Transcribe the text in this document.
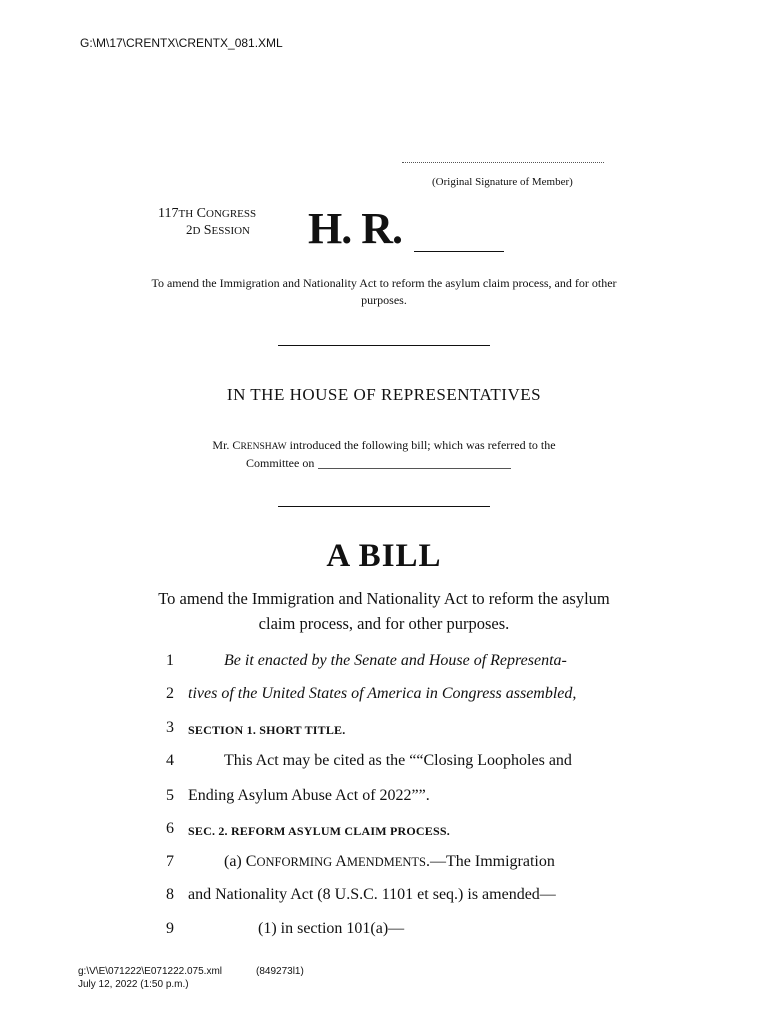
G:\M\17\CRENTX\CRENTX_081.XML
(Original Signature of Member)
117TH CONGRESS
2D SESSION H. R.
To amend the Immigration and Nationality Act to reform the asylum claim process, and for other purposes.
IN THE HOUSE OF REPRESENTATIVES
Mr. CRENSHAW introduced the following bill; which was referred to the
Committee on
A BILL
To amend the Immigration and Nationality Act to reform the asylum claim process, and for other purposes.
1	Be it enacted by the Senate and House of Representa-
2 tives of the United States of America in Congress assembled,
3	SECTION 1. SHORT TITLE.
4	This Act may be cited as the ““Closing Loopholes and
5 Ending Asylum Abuse Act of 2022””.
6	SEC. 2. REFORM ASYLUM CLAIM PROCESS.
7	(a) CONFORMING AMENDMENTS.—The Immigration
8 and Nationality Act (8 U.S.C. 1101 et seq.) is amended—
9	(1) in section 101(a)—
g:\V\E\071222\E071222.075.xml	(849273l1)
July 12, 2022 (1:50 p.m.)
